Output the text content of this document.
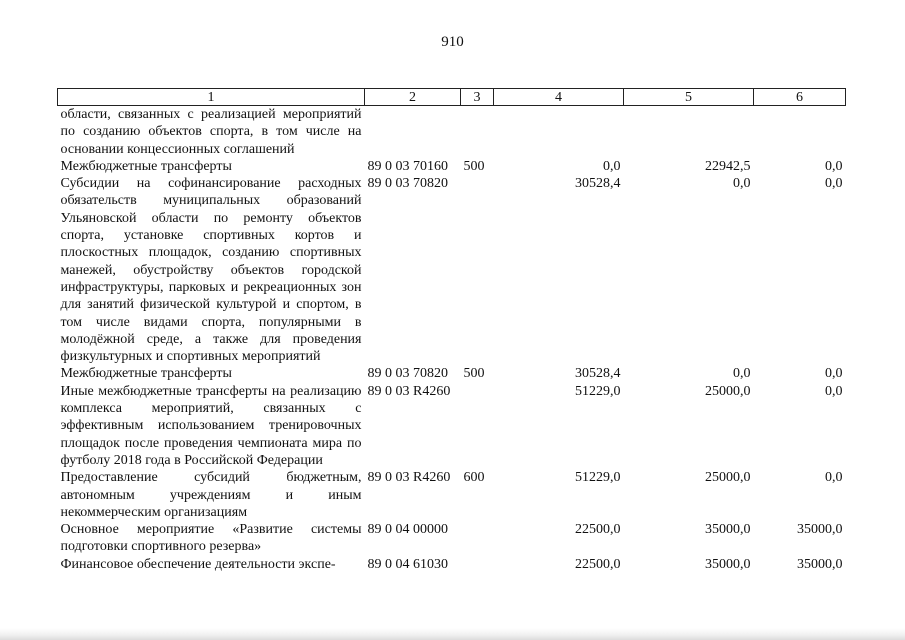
910
1	2	3	4	5	6
области, связанных с реализацией мероприятий по созданию объектов спорта, в том числе на основании концессионных соглашений					
Межбюджетные трансферты	89 0 03 70160	500	0,0	22942,5	0,0
Субсидии на софинансирование расходных обязательств муниципальных образований Ульяновской области по ремонту объектов спорта, установке спортивных кортов и плоскостных площадок, созданию спортивных манежей, обустройству объектов городской инфраструктуры, парковых и рекреационных зон для занятий физической культурой и спортом, в том числе видами спорта, популярными в молодёжной среде, а также для проведения физкультурных и спортивных мероприятий	89 0 03 70820		30528,4	0,0	0,0
Межбюджетные трансферты	89 0 03 70820	500	30528,4	0,0	0,0
Иные межбюджетные трансферты на реализацию комплекса мероприятий, связанных с эффективным использованием тренировочных площадок после проведения чемпионата мира по футболу 2018 года в Российской Федерации	89 0 03 R4260		51229,0	25000,0	0,0
Предоставление субсидий бюджетным, автономным учреждениям и иным некоммерческим организациям	89 0 03 R4260	600	51229,0	25000,0	0,0
Основное мероприятие «Развитие системы подготовки спортивного резерва»	89 0 04 00000		22500,0	35000,0	35000,0
Финансовое обеспечение деятельности экспе-	89 0 04 61030		22500,0	35000,0	35000,0
